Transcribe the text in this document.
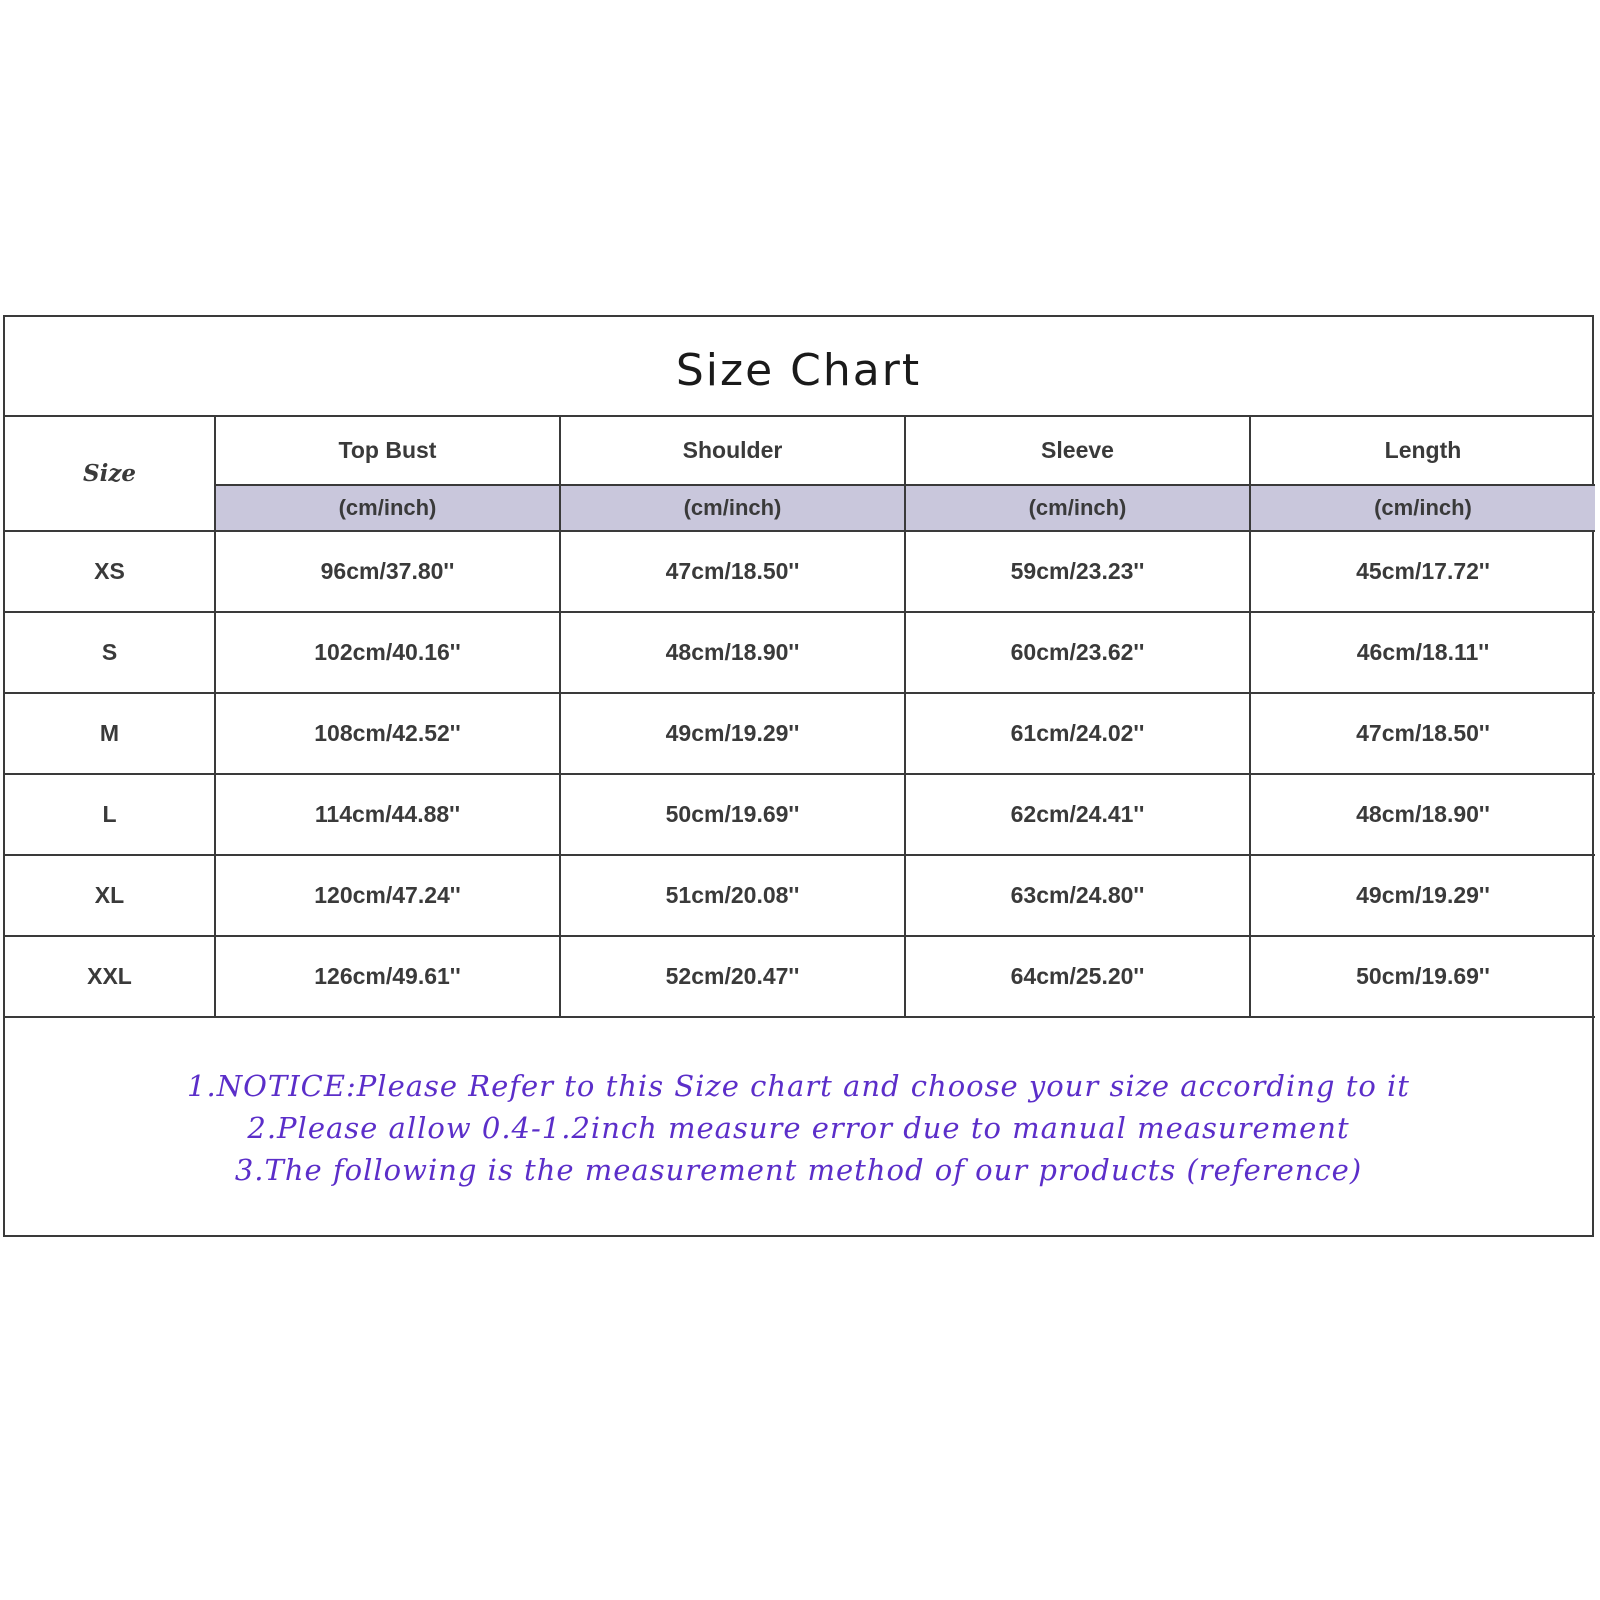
Size Chart
Size	Top Bust	Shoulder	Sleeve	Length
	(cm/inch)	(cm/inch)	(cm/inch)	(cm/inch)
XS	96cm/37.80''	47cm/18.50''	59cm/23.23''	45cm/17.72''
S	102cm/40.16''	48cm/18.90''	60cm/23.62''	46cm/18.11''
M	108cm/42.52''	49cm/19.29''	61cm/24.02''	47cm/18.50''
L	114cm/44.88''	50cm/19.69''	62cm/24.41''	48cm/18.90''
XL	120cm/47.24''	51cm/20.08''	63cm/24.80''	49cm/19.29''
XXL	126cm/49.61''	52cm/20.47''	64cm/25.20''	50cm/19.69''
1.NOTICE:Please Refer to this Size chart and choose your size according to it
2.Please allow 0.4-1.2inch measure error due to manual measurement
3.The following is the measurement method of our products (reference)
